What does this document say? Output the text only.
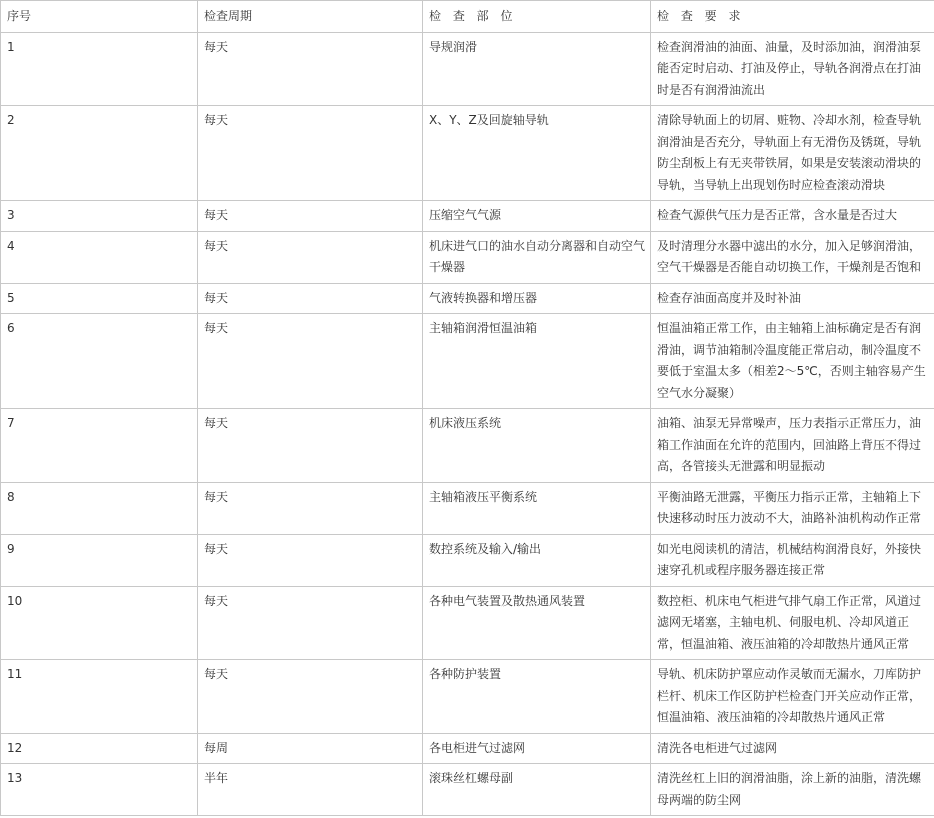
序号	检查周期	检 查 部 位	检 查 要 求
1	每天	导规润滑	检查润滑油的油面、油量，及时添加油，润滑油泵能否定时启动、打油及停止，导轨各润滑点在打油时是否有润滑油流出
2	每天	X、Y、Z及回旋轴导轨	清除导轨面上的切屑、赃物、冷却水剂，检查导轨润滑油是否充分，导轨面上有无滑伤及锈斑，导轨防尘刮板上有无夹带铁屑，如果是安装滚动滑块的导轨，当导轨上出现划伤时应检查滚动滑块
3	每天	压缩空气气源	检查气源供气压力是否正常，含水量是否过大
4	每天	机床进气口的油水自动分离器和自动空气干燥器	及时清理分水器中滤出的水分，加入足够润滑油，空气干燥器是否能自动切换工作，干燥剂是否饱和
5	每天	气液转换器和增压器	检查存油面高度并及时补油
6	每天	主轴箱润滑恒温油箱	恒温油箱正常工作，由主轴箱上油标确定是否有润滑油，调节油箱制冷温度能正常启动，制冷温度不要低于室温太多（相差2～5℃，否则主轴容易产生空气水分凝聚）
7	每天	机床液压系统	油箱、油泵无异常噪声，压力表指示正常压力，油箱工作油面在允许的范围内，回油路上背压不得过高，各管接头无泄露和明显振动
8	每天	主轴箱液压平衡系统	平衡油路无泄露，平衡压力指示正常，主轴箱上下快速移动时压力波动不大，油路补油机构动作正常
9	每天	数控系统及输入/输出	如光电阅读机的清洁，机械结构润滑良好，外接快速穿孔机或程序服务器连接正常
10	每天	各种电气装置及散热通风装置	数控柜、机床电气柜进气排气扇工作正常，风道过滤网无堵塞，主轴电机、伺服电机、冷却风道正常，恒温油箱、液压油箱的冷却散热片通风正常
11	每天	各种防护装置	导轨、机床防护罩应动作灵敏而无漏水，刀库防护栏杆、机床工作区防护栏检查门开关应动作正常，恒温油箱、液压油箱的冷却散热片通风正常
12	每周	各电柜进气过滤网	清洗各电柜进气过滤网
13	半年	滚珠丝杠螺母副	清洗丝杠上旧的润滑油脂，涂上新的油脂，清洗螺母两端的防尘网
